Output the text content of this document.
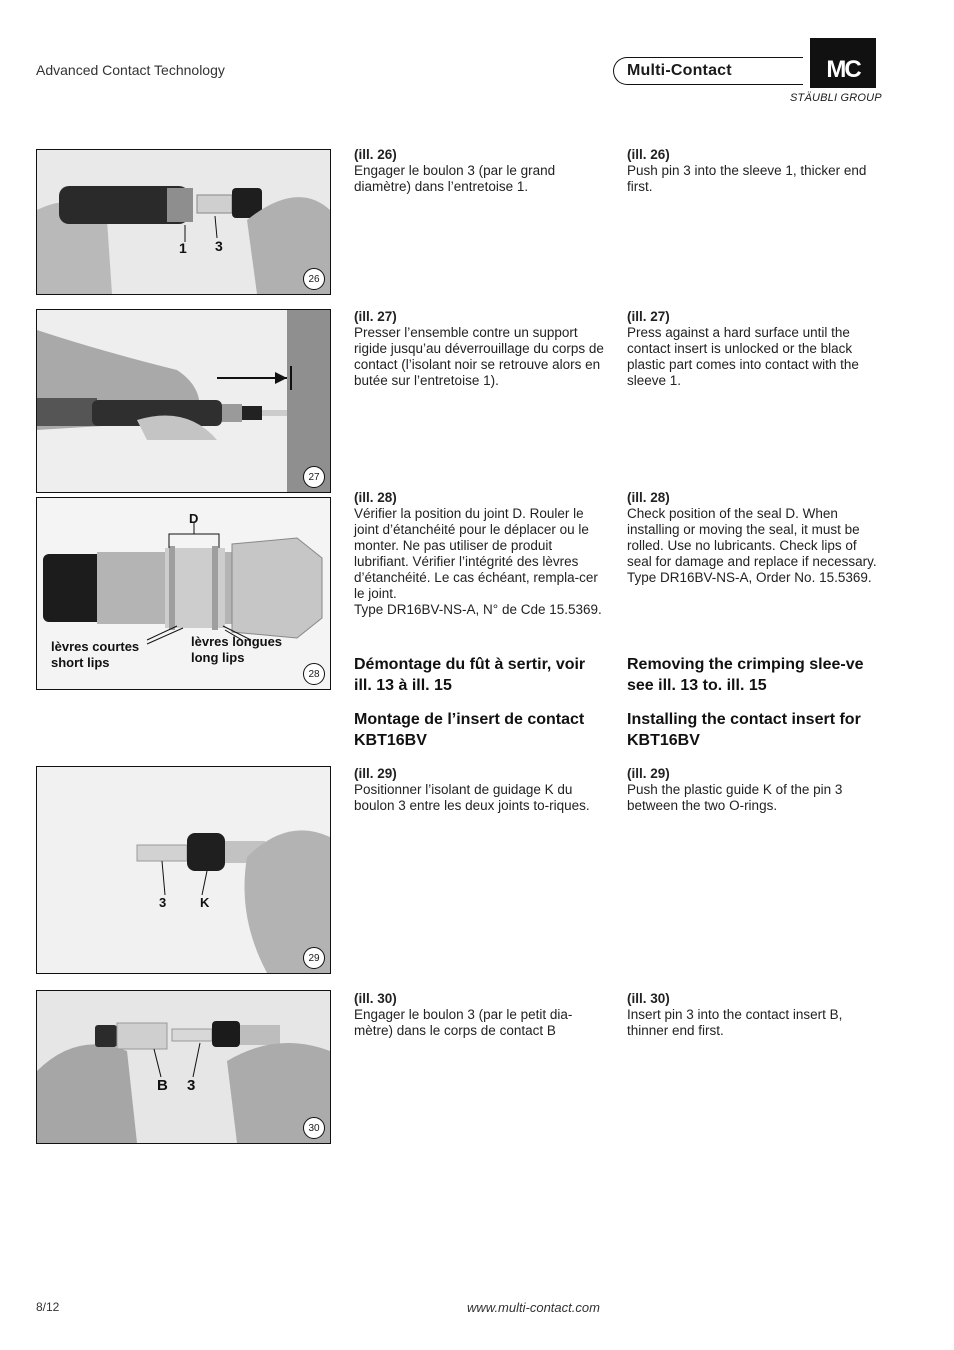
Advanced Contact Technology	Multi-Contact	MC
STÄUBLI GROUP
1 3
26
27
D
lèvres courtes
short lips
lèvres longues
long lips
28
3	K
29
B 3
30

(ill. 26)

Engager le boulon 3 (par le grand diamètre) dans l’entretoise 1.

(ill. 26)

Push pin 3 into the sleeve 1, thicker end first.

(ill. 27)

Presser l’ensemble contre un support rigide jusqu’au déverrouillage du corps de contact (l’isolant noir se retrouve alors en butée sur l’entretoise 1).

(ill. 27)

Press against a hard surface until the contact insert is unlocked or the black plastic part comes into contact with the sleeve 1.

(ill. 28)

Vérifier la position du joint D. Rouler le joint d’étanchéité pour le déplacer ou le monter. Ne pas utiliser de produit lubrifiant. Vérifier l’intégrité des lèvres d’étanchéité. Le cas échéant, rempla-cer le joint.

Type DR16BV-NS-A, N° de Cde 15.5369.

(ill. 28)

Check position of the seal D. When installing or moving the seal, it must be rolled. Use no lubricants. Check lips of seal for damage and replace if necessary.

Type DR16BV-NS-A, Order No. 15.5369.

Démontage du fût à sertir, voir ill. 13 à ill. 15
Removing the crimping slee-ve see ill. 13 to. ill. 15
Montage de l’insert de contact KBT16BV
Installing the contact insert for KBT16BV

(ill. 29)

Positionner l’isolant de guidage K du boulon 3 entre les deux joints to-riques.

(ill. 29)

Push the plastic guide K of the pin 3 between the two O-rings.

(ill. 30)

Engager le boulon 3 (par le petit dia-mètre) dans le corps de contact B

(ill. 30)

Insert pin 3 into the contact insert B, thinner end first.

8/12	www.multi-contact.com
